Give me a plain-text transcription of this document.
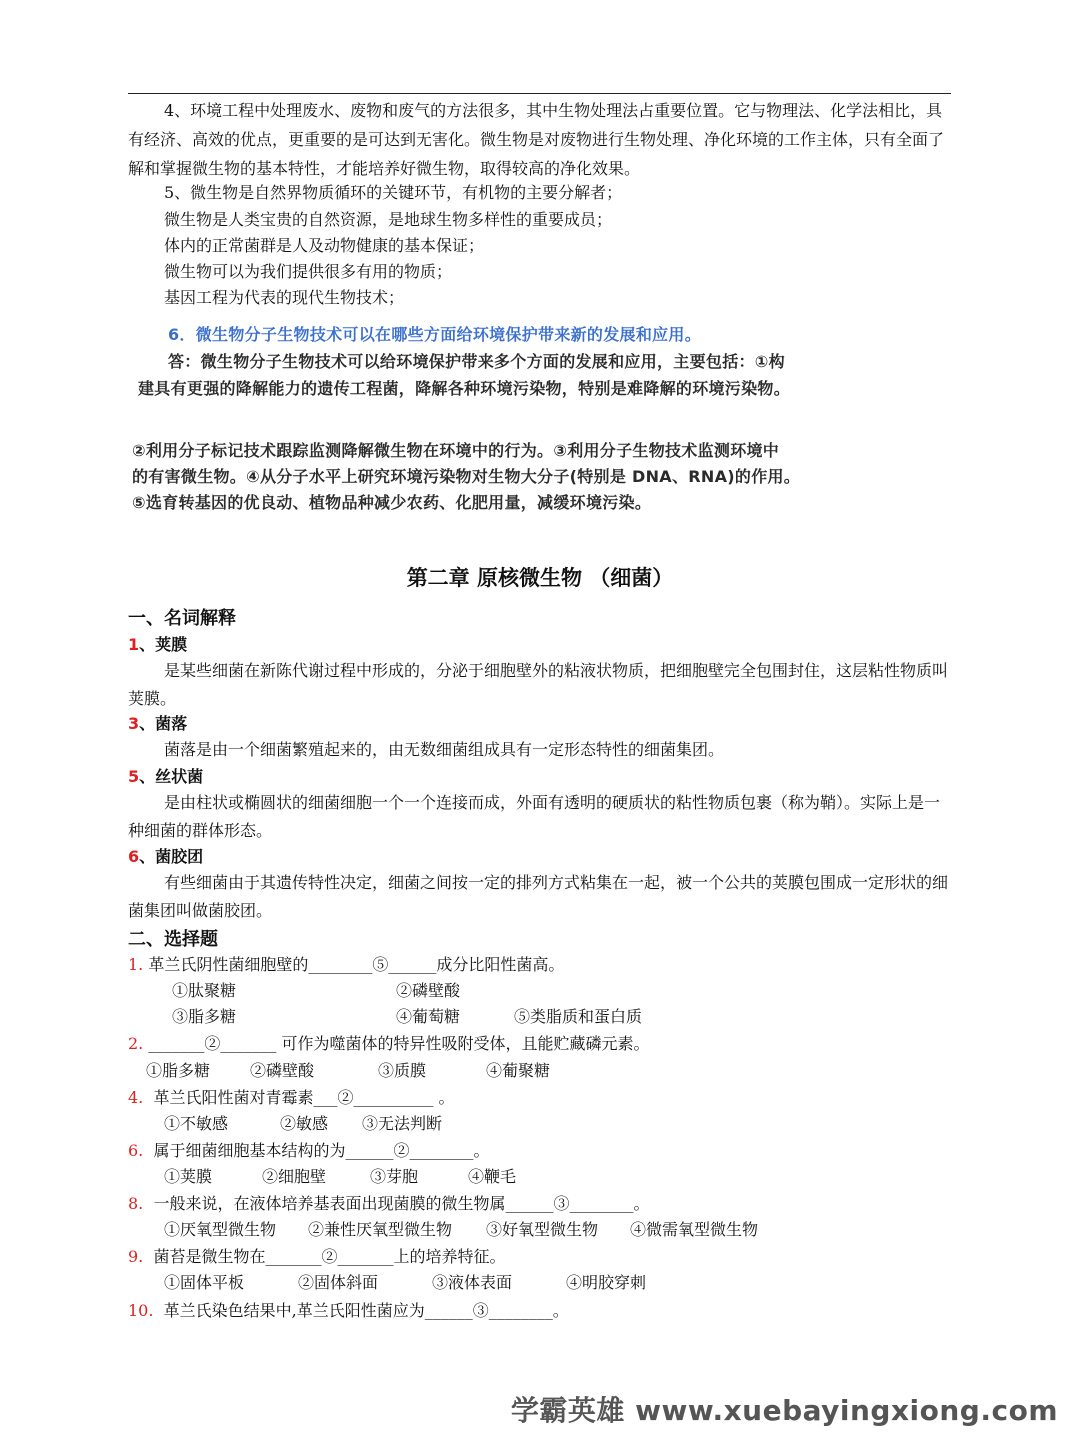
4、环境工程中处理废水、废物和废气的方法很多，其中生物处理法占重要位置。它与物理法、化学法相比，具有经济、高效的优点，更重要的是可达到无害化。微生物是对废物进行生物处理、净化环境的工作主体，只有全面了解和掌握微生物的基本特性，才能培养好微生物，取得较高的净化效果。

5、微生物是自然界物质循环的关键环节，有机物的主要分解者；
微生物是人类宝贵的自然资源，是地球生物多样性的重要成员；
体内的正常菌群是人及动物健康的基本保证；
微生物可以为我们提供很多有用的物质；
基因工程为代表的现代生物技术；
6．微生物分子生物技术可以在哪些方面给环境保护带来新的发展和应用。
答：微生物分子生物技术可以给环境保护带来多个方面的发展和应用，主要包括：①构
建具有更强的降解能力的遗传工程菌，降解各种环境污染物，特别是难降解的环境污染物。
②利用分子标记技术跟踪监测降解微生物在环境中的行为。③利用分子生物技术监测环境中
的有害微生物。④从分子水平上研究环境污染物对生物大分子(特别是 DNA、RNA)的作用。
⑤选育转基因的优良动、植物品种减少农药、化肥用量，减缓环境污染。
第二章 原核微生物 （细菌）
一、名词解释
1、荚膜

是某些细菌在新陈代谢过程中形成的，分泌于细胞壁外的粘液状物质，把细胞壁完全包围封住，这层粘性物质叫荚膜。

3、菌落

菌落是由一个细菌繁殖起来的，由无数细菌组成具有一定形态特性的细菌集团。

5、丝状菌

是由柱状或椭圆状的细菌细胞一个一个连接而成，外面有透明的硬质状的粘性物质包裹（称为鞘）。实际上是一种细菌的群体形态。

6、菌胶团

有些细菌由于其遗传特性决定，细菌之间按一定的排列方式粘集在一起，被一个公共的荚膜包围成一定形状的细菌集团叫做菌胶团。

二、选择题
1. 革兰氏阴性菌细胞壁的________⑤______成分比阳性菌高。
①肽聚糖	②磷壁酸
③脂多糖	④葡萄糖	⑤类脂质和蛋白质
2. _______②_______ 可作为噬菌体的特异性吸附受体，且能贮藏磷元素。
①脂多糖 ②磷壁酸	③质膜	④葡聚糖
4. 革兰氏阳性菌对青霉素___②__________ 。
①不敏感	②敏感 ③无法判断
6. 属于细菌细胞基本结构的为______②________。
①荚膜	②细胞壁	③芽胞	④鞭毛
8. 一般来说，在液体培养基表面出现菌膜的微生物属______③________。
①厌氧型微生物 ②兼性厌氧型微生物 ③好氧型微生物 ④微需氧型微生物
9. 菌苔是微生物在_______②_______上的培养特征。
①固体平板	②固体斜面	③液体表面	④明胶穿刺
10. 革兰氏染色结果中,革兰氏阳性菌应为______③________。
学霸英雄 www.xuebayingxiong.com
